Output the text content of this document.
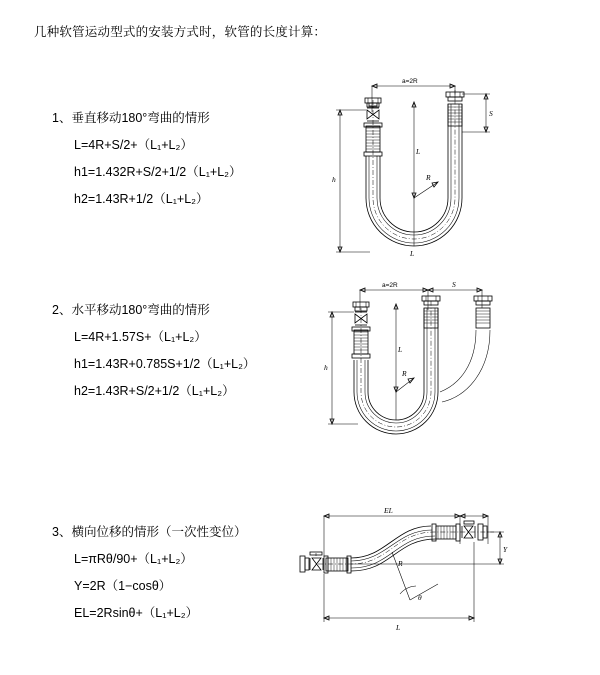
几种软管运动型式的安装方式时，软管的长度计算：
1、垂直移动180°弯曲的情形
L=4R+S/2+（L₁+L₂）
h1=1.432R+S/2+1/2（L₁+L₂）
h2=1.43R+1/2（L₁+L₂）
a=2R
S
h
L
R
L
2、水平移动180°弯曲的情形
L=4R+1.57S+（L₁+L₂）
h1=1.43R+0.785S+1/2（L₁+L₂）
h2=1.43R+S/2+1/2（L₁+L₂）
a=2R	S
h
L
R
3、横向位移的情形（一次性变位）
L=πRθ/90+（L₁+L₂）
Y=2R（1−cosθ）
EL=2Rsinθ+（L₁+L₂）
EL
Y
R
θ
L
